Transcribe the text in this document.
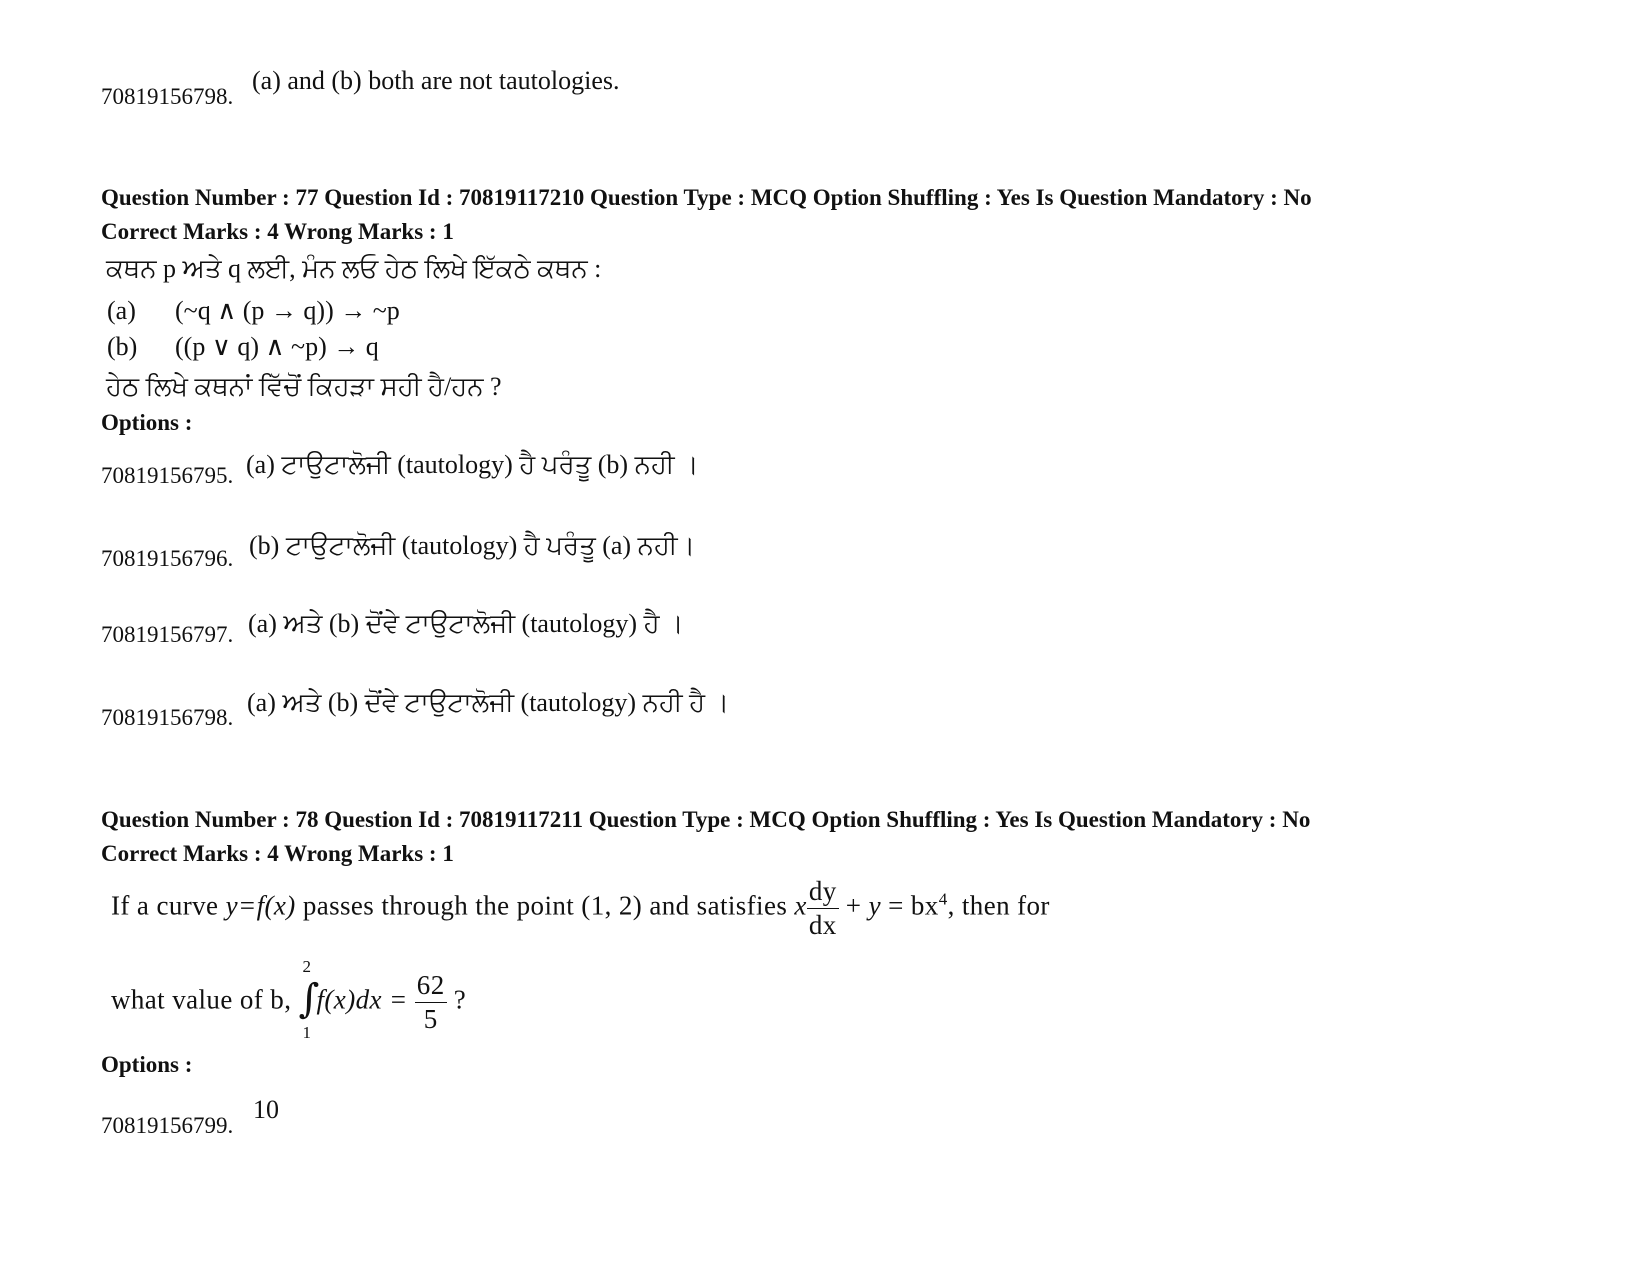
70819156798.
(a) and (b) both are not tautologies.
Question Number : 77 Question Id : 70819117210 Question Type : MCQ Option Shuffling : Yes Is Question Mandatory : No
Correct Marks : 4 Wrong Marks : 1
ਕਥਨ p ਅਤੇ q ਲਈ, ਮੰਨ ਲਓ ਹੇਠ ਲਿਖੇ ਇੱਕਠੇ ਕਥਨ :
(a) (~q ∧ (p → q)) → ~p
(b) ((p ∨ q) ∧ ~p) → q
ਹੇਠ ਲਿਖੇ ਕਥਨਾਂ ਵਿੱਚੋਂ ਕਿਹੜਾ ਸਹੀ ਹੈ/ਹਨ ?
Options :
70819156795. (a) ਟਾਉਟਾਲੋਜੀ (tautology) ਹੈ ਪਰੰਤੂ (b) ਨਹੀ ।
70819156796. (b) ਟਾਉਟਾਲੋਜੀ (tautology) ਹੈ ਪਰੰਤੂ (a) ਨਹੀ।
70819156797. (a) ਅਤੇ (b) ਦੋਂਵੇ ਟਾਉਟਾਲੋਜੀ (tautology) ਹੈ ।
70819156798.
(a) ਅਤੇ (b) ਦੋਂਵੇ ਟਾਉਟਾਲੋਜੀ (tautology) ਨਹੀ ਹੈ ।
Question Number : 78 Question Id : 70819117211 Question Type : MCQ Option Shuffling : Yes Is Question Mandatory : No
Correct Marks : 4 Wrong Marks : 1
If a curve y=f(x) passes through the point (1, 2) and satisfies x $\frac{dy}{dx} + y = bx^4$, then for
what value of b,
2
∫
1
$f(x)dx = \frac{62}{5}$ ?
Options :
70819156799.
10
